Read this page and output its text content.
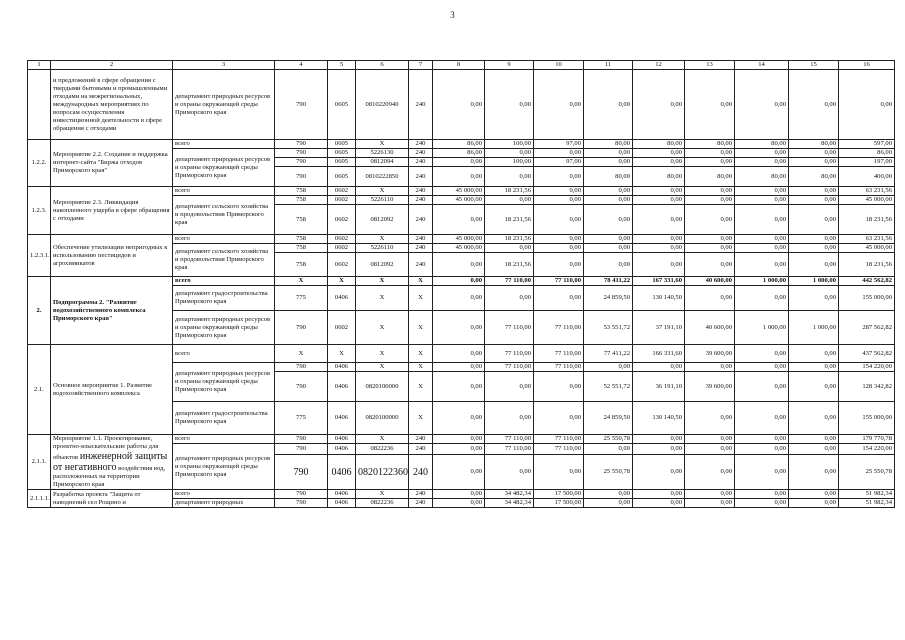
3
1	2	3	4	5	6	7	8	9	10	11	12	13	14	15	16
	и предложений в сфере обращения с твердыми бытовыми и промышленными отходами на межрегиональных, международных мероприятиях по вопросам осуществления инвестиционной деятельности в сфере обращения с отходами	департамент природных ресурсов и охраны окружающей среды Приморского края	790	0605	0810220940	240	0,00	0,00	0,00	0,00	0,00	0,00	0,00	0,00	0,00
1.2.2.	Мероприятие 2.2. Создание и поддержка интернет-сайта "Биржа отходов Приморского края"	всего	790	0605	X	240	86,00	100,00	97,00	80,00	80,00	80,00	80,00	80,00	597,00
		департамент природных ресурсов и охраны окружающей среды Приморского края	790	0605	5226130	240	86,00	0,00	0,00	0,00	0,00	0,00	0,00	0,00	86,00
			790	0605	0812094	240	0,00	100,00	97,00	0,00	0,00	0,00	0,00	0,00	197,00
			790	0605	0810222850	240	0,00	0,00	0,00	80,00	80,00	80,00	80,00	80,00	400,00
1.2.3.	Мероприятие 2.3. Ликвидация накопленного ущерба в сфере обращения с отходами	всего	758	0602	X	240	45 000,00	18 231,56	0,00	0,00	0,00	0,00	0,00	0,00	63 231,56
		департамент сельского хозяйства и продовольствия Приморского края	758	0602	5226110	240	45 000,00	0,00	0,00	0,00	0,00	0,00	0,00	0,00	45 000,00
			758	0602	0812092	240	0,00	18 231,56	0,00	0,00	0,00	0,00	0,00	0,00	18 231,56
1.2.3.1.	Обеспечение утилизации непригодных к использованию пестицидов и агрохимикатов	всего	758	0602	X	240	45 000,00	18 231,56	0,00	0,00	0,00	0,00	0,00	0,00	63 231,56
		департамент сельского хозяйства и продовольствия Приморского края	758	0602	5226110	240	45 000,00	0,00	0,00	0,00	0,00	0,00	0,00	0,00	45 000,00
			758	0602	0812092	240	0,00	18 231,56	0,00	0,00	0,00	0,00	0,00	0,00	18 231,56
2.	Подпрограмма 2. "Развитие водохозяйственного комплекса Приморского края"	всего	X	X	X	X	0,00	77 110,00	77 110,00	78 411,22	167 331,60	40 600,00	1 000,00	1 000,00	442 562,82
		департамент градостроительства Приморского края	775	0406	X	X	0,00	0,00	0,00	24 859,50	130 140,50	0,00	0,00	0,00	155 000,00
		департамент природных ресурсов и охраны окружающей среды Приморского края	790	0602	X	X	0,00	77 110,00	77 110,00	53 551,72	37 191,10	40 600,00	1 000,00	1 000,00	287 562,82
2.1.	Основное мероприятие 1. Развитие водохозяйственного комплекса	всего	X	X	X	X	0,00	77 110,00	77 110,00	77 411,22	166 331,60	39 600,00	0,00	0,00	437 562,82
		департамент природных ресурсов и охраны окружающей среды Приморского края	790	0406	X	X	0,00	77 110,00	77 110,00	0,00	0,00	0,00	0,00	0,00	154 220,00
			790	0406	0820100000	X	0,00	0,00	0,00	52 551,72	36 191,10	39 600,00	0,00	0,00	128 342,82
		департамент градостроительства Приморского края	775	0406	0820100000	X	0,00	0,00	0,00	24 859,50	130 140,50	0,00	0,00	0,00	155 000,00
2.1.1.	Мероприятие 1.1. Проектирование, проектно-изыскательские работы для объектов инженерной защиты от негативного воздействия вод, расположенных на территории Приморского края	всего	790	0406	X	240	0,00	77 110,00	77 110,00	25 550,78	0,00	0,00	0,00	0,00	179 770,78
		департамент природных ресурсов и охраны окружающей среды Приморского края	790	0406	0822236	240	0,00	77 110,00	77 110,00	0,00	0,00	0,00	0,00	0,00	154 220,00
			790	0406	0820122360	240	0,00	0,00	0,00	25 550,78	0,00	0,00	0,00	0,00	25 550,78
2.1.1.1.	Разработка проекта "Защита от наводнений сел Рощино и	всего	790	0406	X	240	0,00	34 482,34	17 500,00	0,00	0,00	0,00	0,00	0,00	51 982,34
		департамент природных	790	0406	0822236	240	0,00	34 482,34	17 500,00	0,00	0,00	0,00	0,00	0,00	51 982,34
